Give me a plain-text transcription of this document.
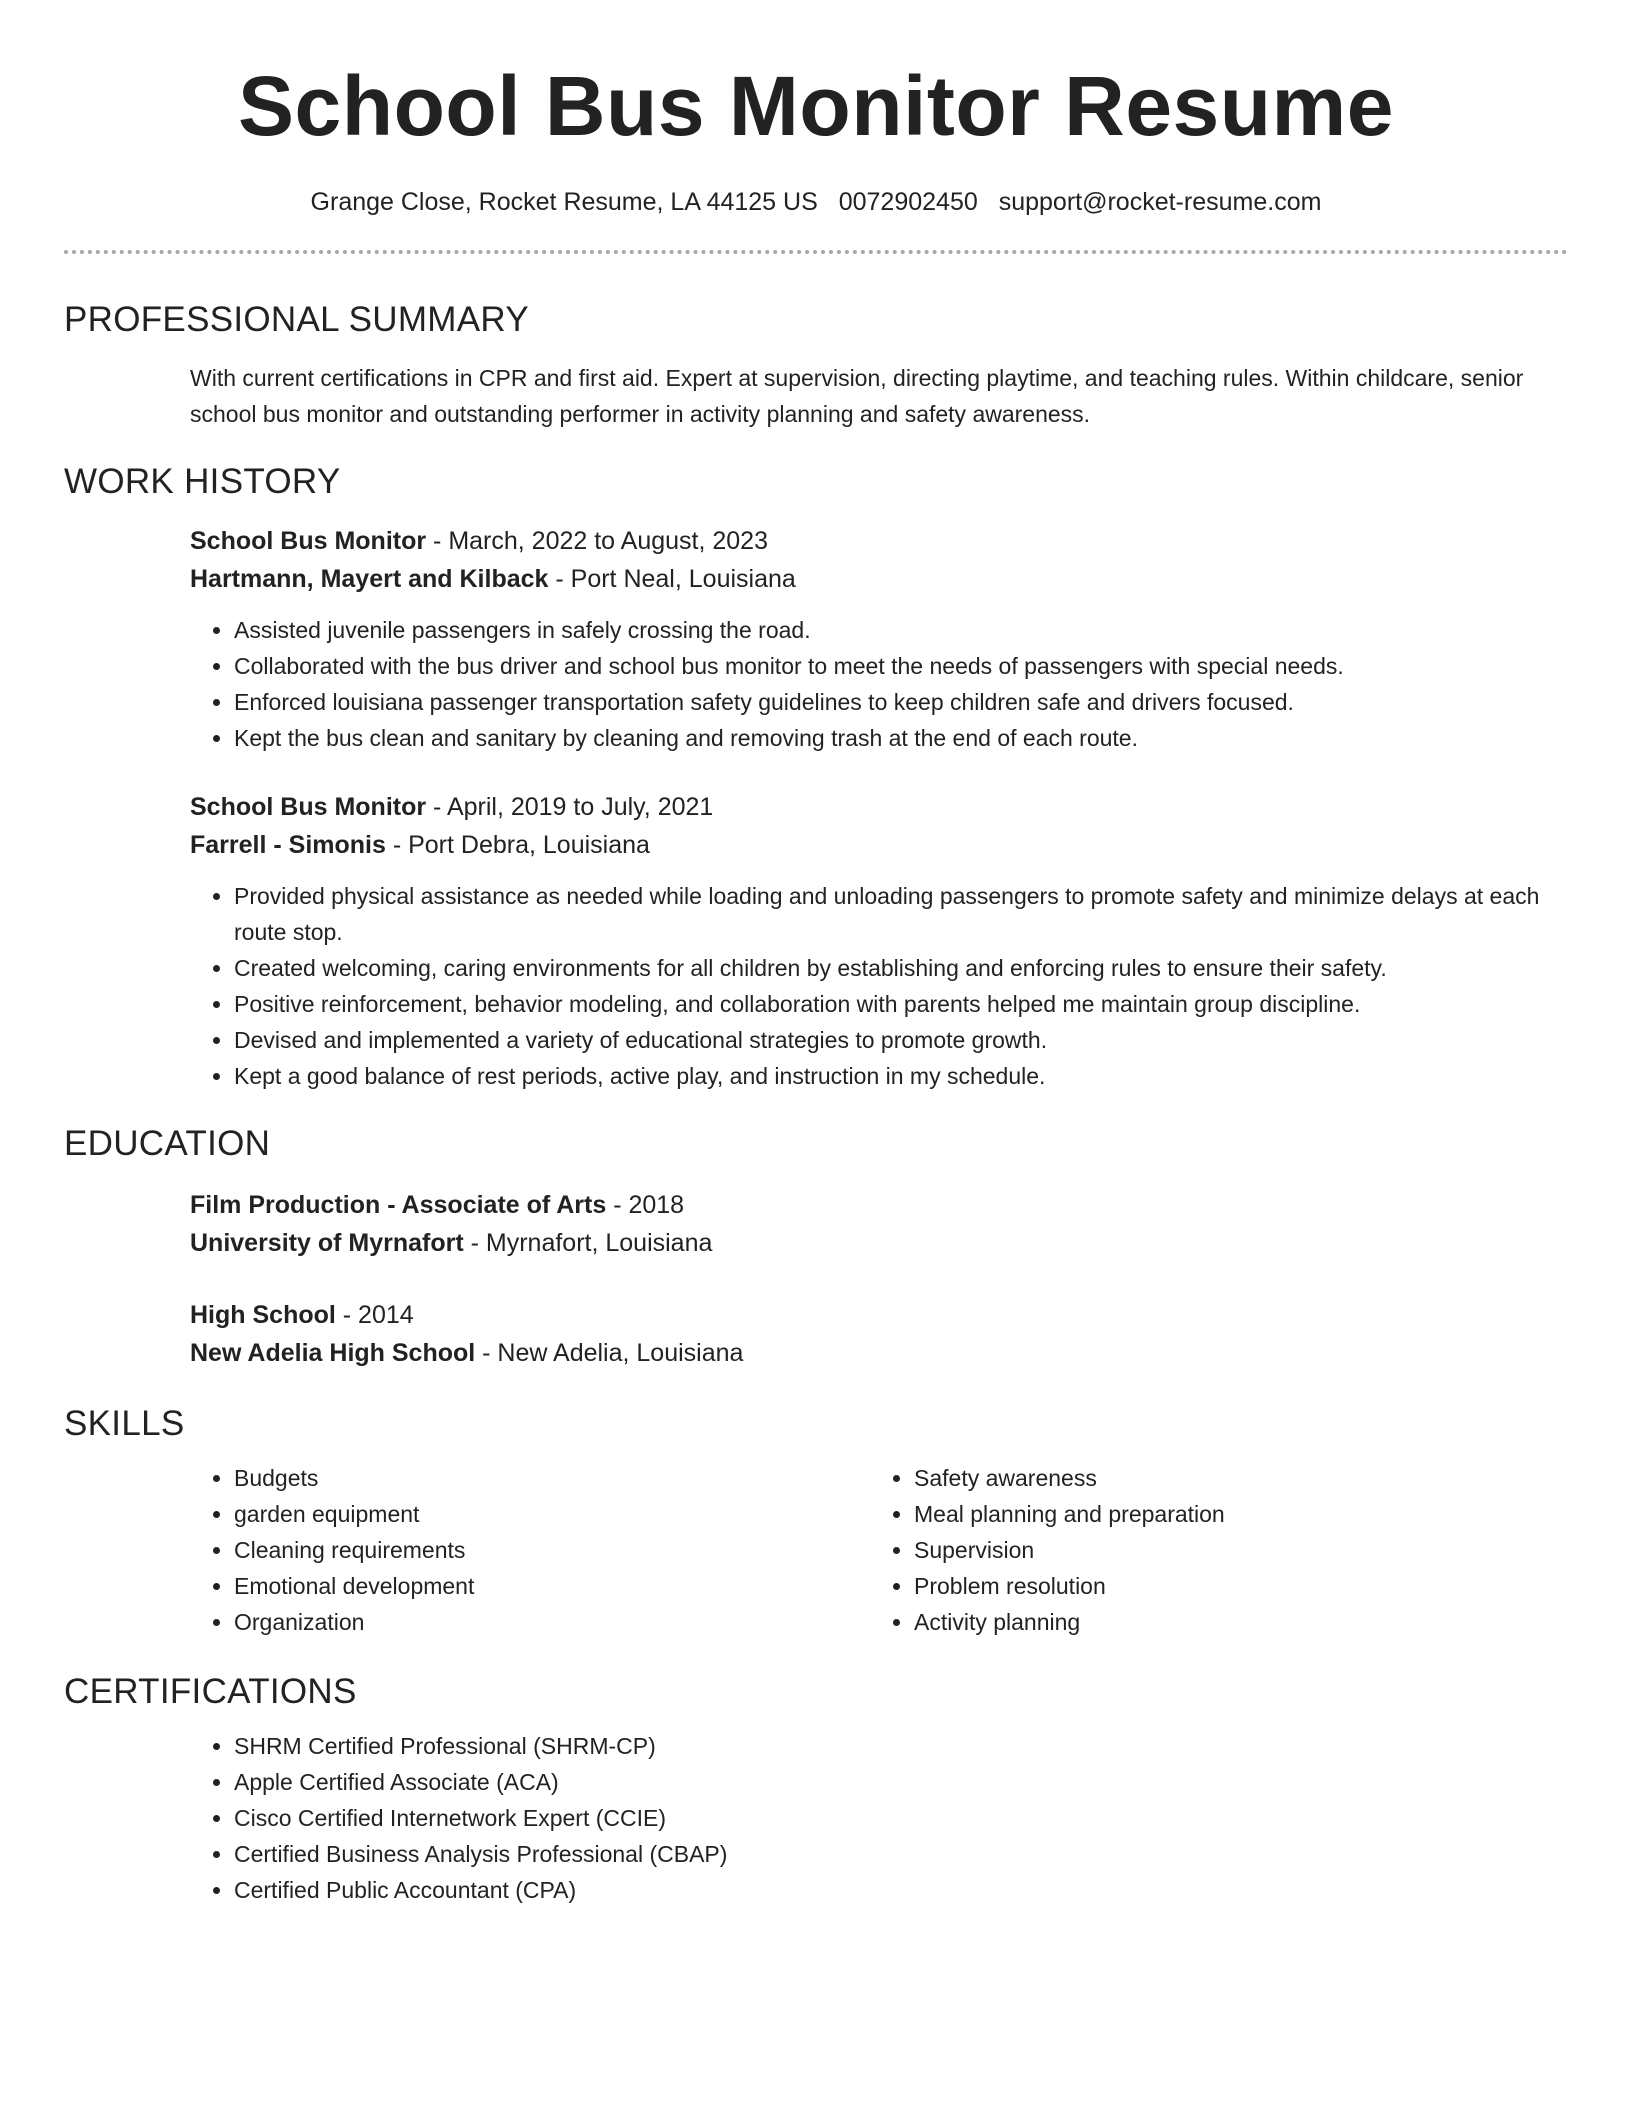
School Bus Monitor Resume
Grange Close, Rocket Resume, LA 44125 US 0072902450 support@rocket-resume.com
PROFESSIONAL SUMMARY

With current certifications in CPR and first aid. Expert at supervision, directing playtime, and teaching rules. Within childcare, senior school bus monitor and outstanding performer in activity planning and safety awareness.

WORK HISTORY

School Bus Monitor - March, 2022 to August, 2023

Hartmann, Mayert and Kilback - Port Neal, Louisiana

• Assisted juvenile passengers in safely crossing the road.
• Collaborated with the bus driver and school bus monitor to meet the needs of passengers with special needs.
• Enforced louisiana passenger transportation safety guidelines to keep children safe and drivers focused.
• Kept the bus clean and sanitary by cleaning and removing trash at the end of each route.

School Bus Monitor - April, 2019 to July, 2021

Farrell - Simonis - Port Debra, Louisiana

• Provided physical assistance as needed while loading and unloading passengers to promote safety and minimize delays at each route stop.
• Created welcoming, caring environments for all children by establishing and enforcing rules to ensure their safety.
• Positive reinforcement, behavior modeling, and collaboration with parents helped me maintain group discipline.
• Devised and implemented a variety of educational strategies to promote growth.
• Kept a good balance of rest periods, active play, and instruction in my schedule.
EDUCATION

Film Production - Associate of Arts - 2018

University of Myrnafort - Myrnafort, Louisiana

High School - 2014

New Adelia High School - New Adelia, Louisiana

SKILLS
• Budgets
• garden equipment
• Cleaning requirements
• Emotional development
• Organization
• Safety awareness
• Meal planning and preparation
• Supervision
• Problem resolution
• Activity planning
CERTIFICATIONS
• SHRM Certified Professional (SHRM-CP)
• Apple Certified Associate (ACA)
• Cisco Certified Internetwork Expert (CCIE)
• Certified Business Analysis Professional (CBAP)
• Certified Public Accountant (CPA)
